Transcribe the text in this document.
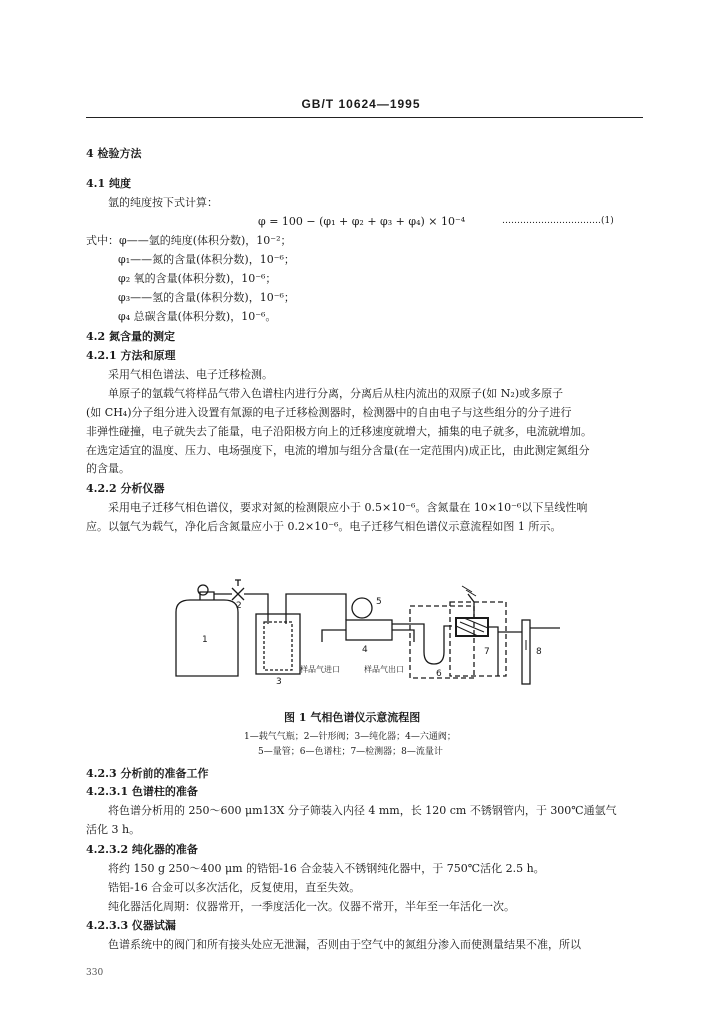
GB/T 10624—1995
4 检验方法
4.1 纯度
氩的纯度按下式计算：
φ = 100 − (φ₁ + φ₂ + φ₃ + φ₄) × 10⁻⁴	……………………………(1)
式中：φ——氩的纯度(体积分数)，10⁻²；
φ₁——氮的含量(体积分数)，10⁻⁶；
φ₂ 氧的含量(体积分数)，10⁻⁶；
φ₃——氢的含量(体积分数)，10⁻⁶；
φ₄ 总碳含量(体积分数)，10⁻⁶。
4.2 氮含量的测定
4.2.1 方法和原理
采用气相色谱法、电子迁移检测。
单原子的氩载气将样品气带入色谱柱内进行分离，分离后从柱内流出的双原子(如 N₂)或多原子
(如 CH₄)分子组分进入设置有氚源的电子迁移检测器时，检测器中的自由电子与这些组分的分子进行
非弹性碰撞，电子就失去了能量，电子沿阳极方向上的迁移速度就增大，捕集的电子就多，电流就增加。
在选定适宜的温度、压力、电场强度下，电流的增加与组分含量(在一定范围内)成正比，由此测定氮组分
的含量。
4.2.2 分析仪器
采用电子迁移气相色谱仪，要求对氮的检测限应小于 0.5×10⁻⁶。含氮量在 10×10⁻⁶以下呈线性响
应。以氩气为载气，净化后含氮量应小于 0.2×10⁻⁶。电子迁移气相色谱仪示意流程如图 1 所示。
1
2
3
4
5
6
7	8
样品气进口	样品气出口
图 1 气相色谱仪示意流程图
1—载气气瓶；2—针形阀；3—纯化器；4—六通阀；
5—量管；6—色谱柱；7—检测器；8—流量计
4.2.3 分析前的准备工作
4.2.3.1 色谱柱的准备
将色谱分析用的 250～600 μm13X 分子筛装入内径 4 mm，长 120 cm 不锈钢管内，于 300℃通氩气
活化 3 h。
4.2.3.2 纯化器的准备
将约 150 g 250～400 μm 的锆铝-16 合金装入不锈钢纯化器中，于 750℃活化 2.5 h。
锆铝-16 合金可以多次活化，反复使用，直至失效。
纯化器活化周期：仪器常开，一季度活化一次。仪器不常开，半年至一年活化一次。
4.2.3.3 仪器试漏
色谱系统中的阀门和所有接头处应无泄漏，否则由于空气中的氮组分渗入而使测量结果不准，所以
330
